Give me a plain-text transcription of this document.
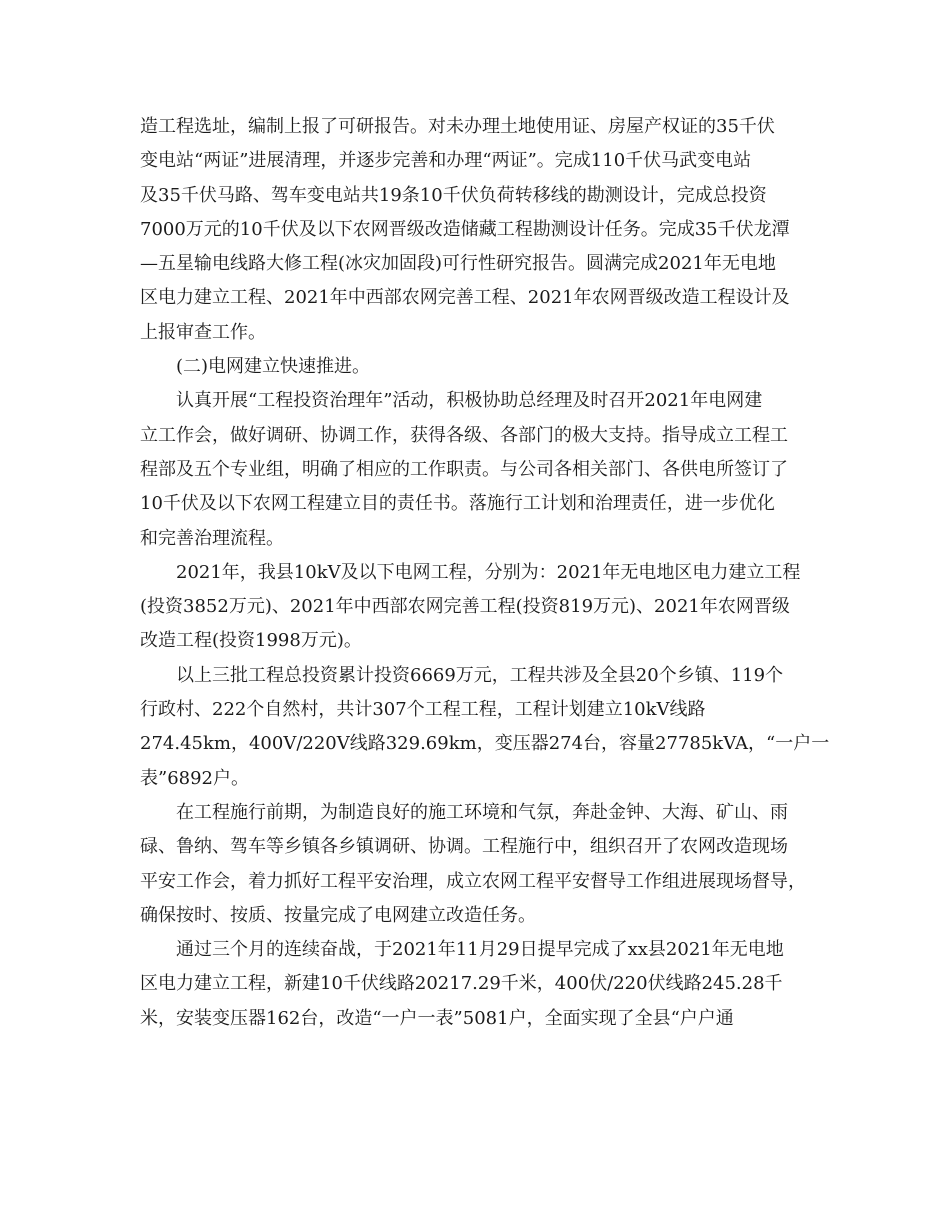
造工程选址，编制上报了可研报告。对未办理土地使用证、房屋产权证的35千伏
变电站“两证”进展清理，并逐步完善和办理“两证”。完成110千伏马武变电站
及35千伏马路、驾车变电站共19条10千伏负荷转移线的勘测设计，完成总投资
7000万元的10千伏及以下农网晋级改造储藏工程勘测设计任务。完成35千伏龙潭
—五星输电线路大修工程(冰灾加固段)可行性研究报告。圆满完成2021年无电地
区电力建立工程、2021年中西部农网完善工程、2021年农网晋级改造工程设计及
上报审查工作。
(二)电网建立快速推进。
认真开展“工程投资治理年”活动，积极协助总经理及时召开2021年电网建
立工作会，做好调研、协调工作，获得各级、各部门的极大支持。指导成立工程工
程部及五个专业组，明确了相应的工作职责。与公司各相关部门、各供电所签订了
10千伏及以下农网工程建立目的责任书。落施行工计划和治理责任，进一步优化
和完善治理流程。
2021年，我县10kV及以下电网工程，分别为：2021年无电地区电力建立工程
(投资3852万元)、2021年中西部农网完善工程(投资819万元)、2021年农网晋级
改造工程(投资1998万元)。
以上三批工程总投资累计投资6669万元，工程共涉及全县20个乡镇、119个
行政村、222个自然村，共计307个工程工程，工程计划建立10kV线路
274.45km，400V/220V线路329.69km，变压器274台，容量27785kVA，“一户一
表”6892户。
在工程施行前期，为制造良好的施工环境和气氛，奔赴金钟、大海、矿山、雨
碌、鲁纳、驾车等乡镇各乡镇调研、协调。工程施行中，组织召开了农网改造现场
平安工作会，着力抓好工程平安治理，成立农网工程平安督导工作组进展现场督导，
确保按时、按质、按量完成了电网建立改造任务。
通过三个月的连续奋战，于2021年11月29日提早完成了xx县2021年无电地
区电力建立工程，新建10千伏线路20217.29千米，400伏/220伏线路245.28千
米，安装变压器162台，改造“一户一表”5081户，全面实现了全县“户户通
